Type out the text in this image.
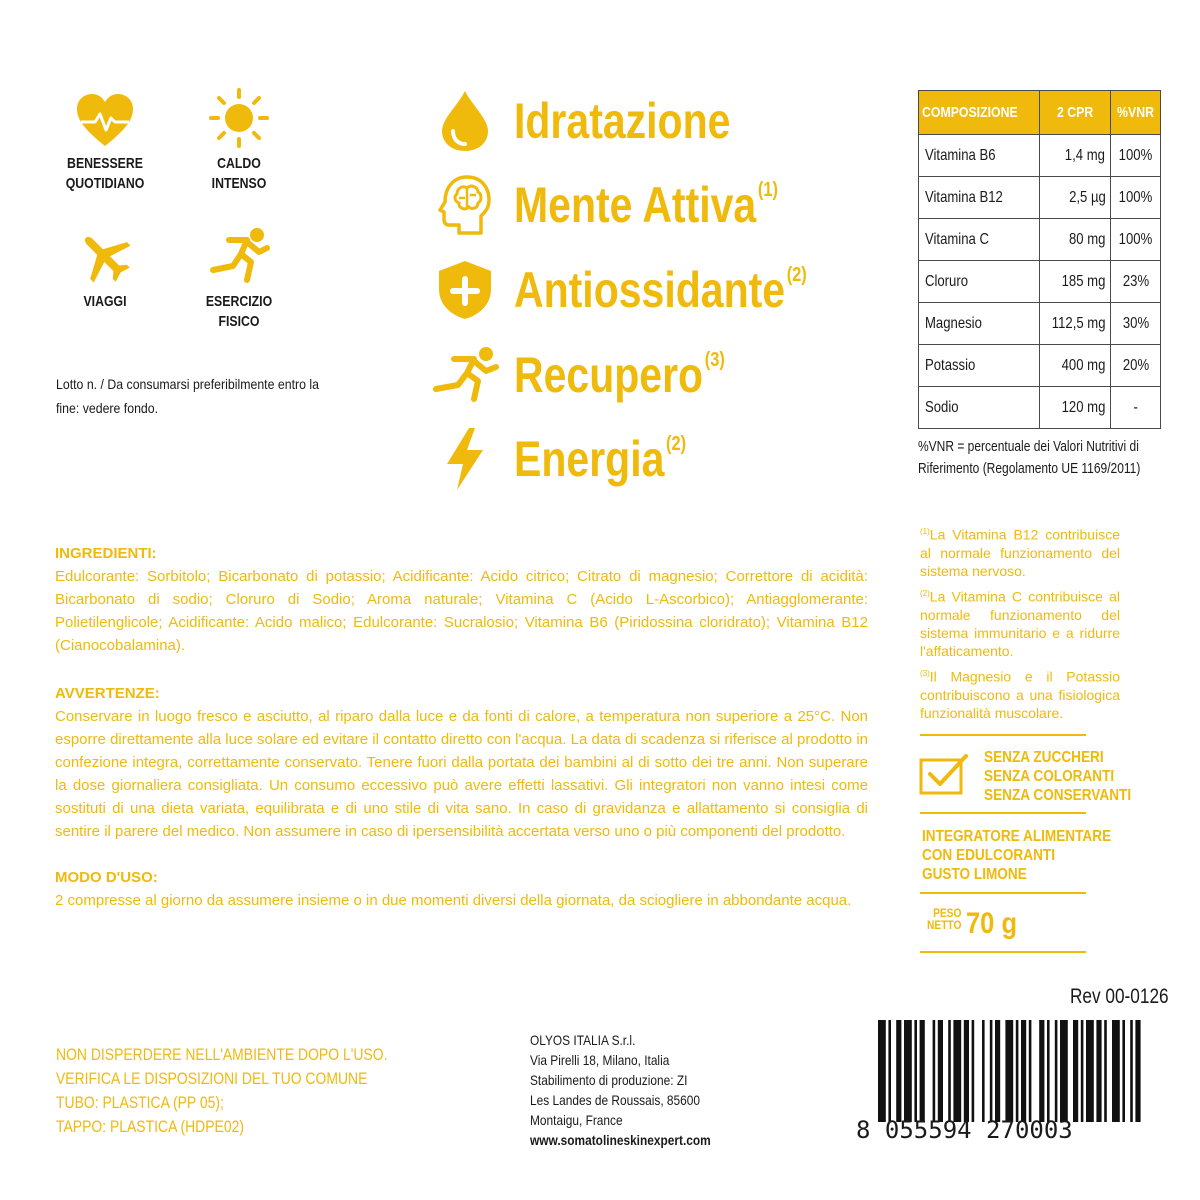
BENESSERE
QUOTIDIANO
CALDO
INTENSO
VIAGGI	ESERCIZIO
FISICO
Lotto n. / Da consumarsi preferibilmente entro la fine: vedere fondo.
Idratazione
Mente Attiva$^{(1)}$
Antiossidante$^{(2)}$
Recupero$^{(3)}$
Energia$^{(2)}$
COMPOSIZIONE	2 CPR	%VNR
Vitamina B6	1,4 mg	100%
Vitamina B12	2,5 µg	100%
Vitamina C	80 mg	100%
Cloruro	185 mg	23%
Magnesio	112,5 mg	30%
Potassio	400 mg	20%
Sodio	120 mg	-
%VNR = percentuale dei Valori Nutritivi di Riferimento (Regolamento UE 1169/2011)
INGREDIENTI:
Edulcorante: Sorbitolo; Bicarbonato di potassio; Acidificante: Acido citrico; Citrato di magnesio; Correttore di acidità: Bicarbonato di sodio; Cloruro di Sodio; Aroma naturale; Vitamina C (Acido L-Ascorbico); Antiagglomerante: Polietilenglicole; Acidificante: Acido malico; Edulcorante: Sucralosio; Vitamina B6 (Piridossina cloridrato); Vitamina B12 (Cianocobalamina).
AVVERTENZE:
Conservare in luogo fresco e asciutto, al riparo dalla luce e da fonti di calore, a temperatura non superiore a 25°C. Non esporre direttamente alla luce solare ed evitare il contatto diretto con l'acqua. La data di scadenza si riferisce al prodotto in confezione integra, correttamente conservato. Tenere fuori dalla portata dei bambini al di sotto dei tre anni. Non superare la dose giornaliera consigliata. Un consumo eccessivo può avere effetti lassativi. Gli integratori non vanno intesi come sostituti di una dieta variata, equilibrata e di uno stile di vita sano. In caso di gravidanza e allattamento si consiglia di sentire il parere del medico. Non assumere in caso di ipersensibilità accertata verso uno o più componenti del prodotto.
MODO D'USO:
2 compresse al giorno da assumere insieme o in due momenti diversi della giornata, da sciogliere in abbondante acqua.
$^{(1)}$La Vitamina B12 contribuisce al normale funzionamento del sistema nervoso.
$^{(2)}$La Vitamina C contribuisce al normale funzionamento del sistema immunitario e a ridurre l'affaticamento.
$^{(3)}$Il Magnesio e il Potassio contribuiscono a una fisiologica funzionalità muscolare.
SENZA ZUCCHERI
SENZA COLORANTI
SENZA CONSERVANTI
INTEGRATORE ALIMENTARE
CON EDULCORANTI
GUSTO LIMONE
PESO
NETTO 70 g
Rev 00-0126
NON DISPERDERE NELL'AMBIENTE DOPO L'USO.
VERIFICA LE DISPOSIZIONI DEL TUO COMUNE
TUBO: PLASTICA (PP 05);
TAPPO: PLASTICA (HDPE02)
OLYOS ITALIA S.r.l.
Via Pirelli 18, Milano, Italia
Stabilimento di produzione: ZI
Les Landes de Roussais, 85600
Montaigu, France
www.somatolineskinexpert.com	8 055594 270003
